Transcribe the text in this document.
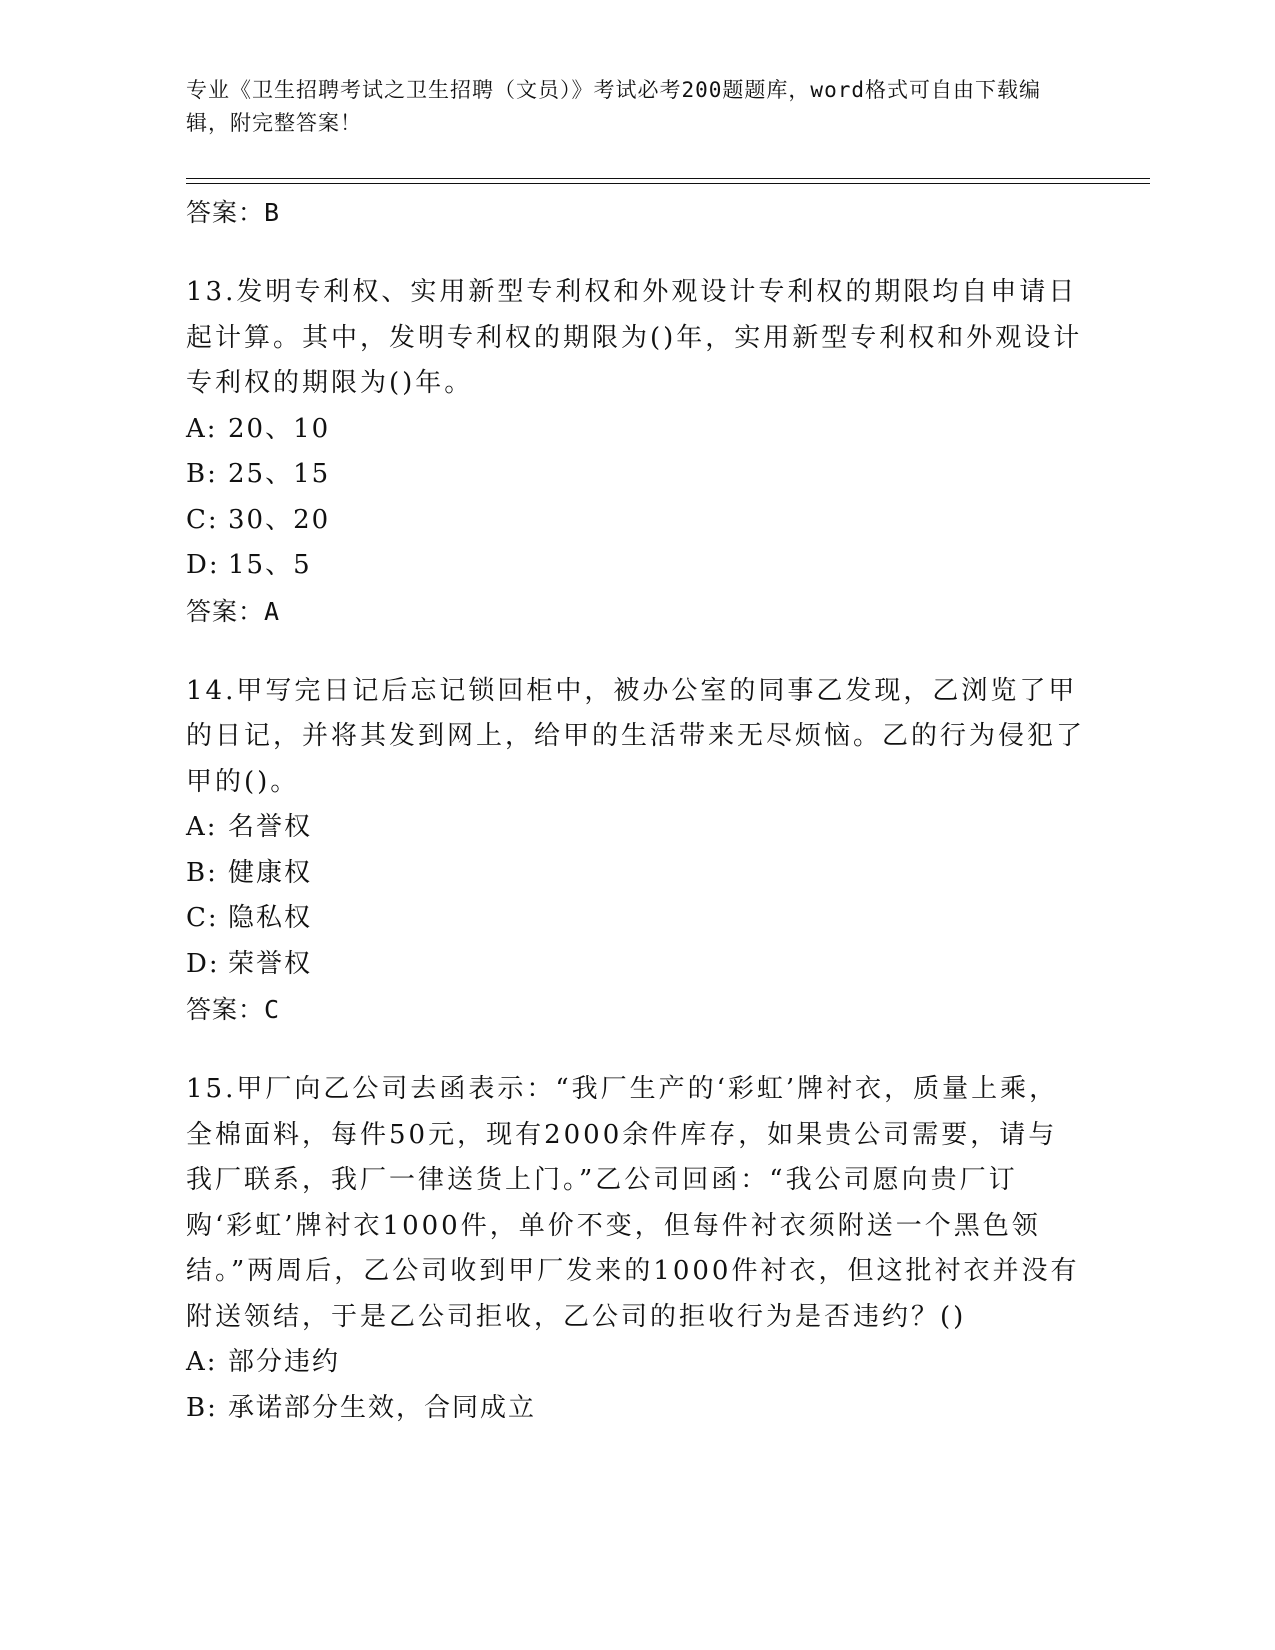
专业《卫生招聘考试之卫生招聘（文员）》考试必考200题题库，word格式可自由下载编辑，附完整答案！
答案：B
13.发明专利权、实用新型专利权和外观设计专利权的期限均自申请日起计算。其中，发明专利权的期限为()年，实用新型专利权和外观设计专利权的期限为()年。
A: 20、10
B: 25、15
C: 30、20
D: 15、5
答案：A
14.甲写完日记后忘记锁回柜中，被办公室的同事乙发现，乙浏览了甲的日记，并将其发到网上，给甲的生活带来无尽烦恼。乙的行为侵犯了甲的()。
A: 名誉权
B: 健康权
C: 隐私权
D: 荣誉权
答案：C
15.甲厂向乙公司去函表示：“我厂生产的‘彩虹’牌衬衣，质量上乘，全棉面料，每件50元，现有2000余件库存，如果贵公司需要，请与我厂联系，我厂一律送货上门。”乙公司回函：“我公司愿向贵厂订购‘彩虹’牌衬衣1000件，单价不变，但每件衬衣须附送一个黑色领结。”两周后，乙公司收到甲厂发来的1000件衬衣，但这批衬衣并没有附送领结，于是乙公司拒收，乙公司的拒收行为是否违约？()
A: 部分违约
B: 承诺部分生效，合同成立
